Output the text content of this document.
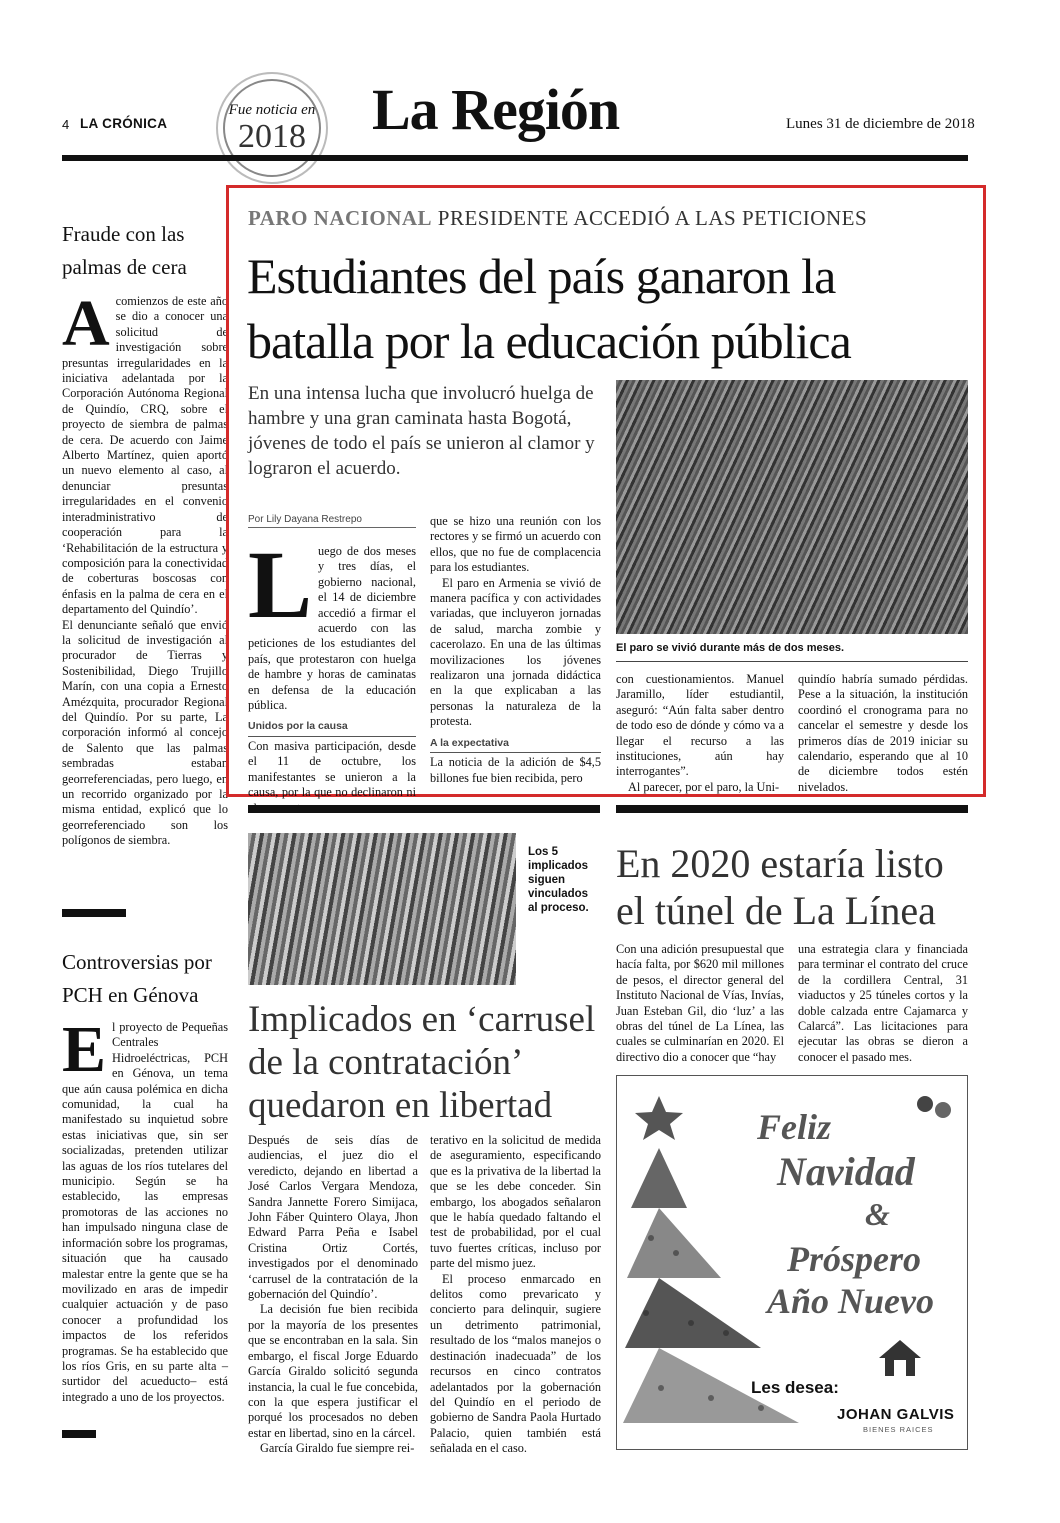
4 LA CRÓNICA
Fue noticia en
2018	La Región	Lunes 31 de diciembre de 2018
Fraude con las palmas de cera
A comienzos de este año se dio a conocer una solicitud de investigación sobre presuntas irregularidades en la iniciativa adelantada por la Corporación Autónoma Regional de Quindío, CRQ, sobre el proyecto de siembra de palmas de cera. De acuerdo con Jaime Alberto Martínez, quien aportó un nuevo elemento al caso, al denunciar presuntas irregularidades en el convenio interadministrativo de cooperación para la ‘Rehabilitación de la estructura y composición para la conectividad de coberturas boscosas con énfasis en la palma de cera en el departamento del Quindío’.

El denunciante señaló que envió la solicitud de investigación al procurador de Tierras y Sostenibilidad, Diego Trujillo Marín, con una copia a Ernesto Amézquita, procurador Regional del Quindío. Por su parte, La corporación informó al concejo de Salento que las palmas sembradas estaban georreferenciadas, pero luego, en un recorrido organizado por la misma entidad, explicó que lo georreferenciado son los polígonos de siembra.

Controversias por PCH en Génova
E l proyecto de Pequeñas Centrales Hidroeléctricas, PCH en Génova, un tema que aún causa polémica en dicha comunidad, la cual ha manifestado su inquietud sobre estas iniciativas que, sin ser socializadas, pretenden utilizar las aguas de los ríos tutelares del municipio. Según se ha establecido, las empresas promotoras de las acciones no han impulsado ninguna clase de información sobre los programas, situación que ha causado malestar entre la gente que se ha movilizado en aras de impedir cualquier actuación y de paso conocer a profundidad los impactos de los referidos programas. Se ha establecido que los ríos Gris, en su parte alta –surtidor del acueducto– está integrado a uno de los proyectos.

PARO NACIONAL PRESIDENTE ACCEDIÓ A LAS PETICIONES
Estudiantes del país ganaron la
batalla por la educación pública
En una intensa lucha que involucró huelga de hambre y una gran caminata hasta Bogotá, jóvenes de todo el país se unieron al clamor y lograron el acuerdo.
Por Lily Dayana Restrepo
L uego de dos meses y tres días, el gobierno nacional, el 14 de diciembre accedió a firmar el acuerdo con las peticiones de los estudiantes del país, que protestaron con huelga de hambre y horas de caminatas en defensa de la educación pública.

Unidos por la causa

Con masiva participación, desde el 11 de octubre, los manifestantes se unieron a la causa, por la que no declinaron ni

que se hizo una reunión con los rectores y se firmó un acuerdo con ellos, que no fue de complacencia para los estudiantes.

El paro en Armenia se vivió de manera pacífica y con actividades variadas, que incluyeron jornadas de salud, marcha zombie y cacerolazo. En una de las últimas movilizaciones los jóvenes realizaron una jornada didáctica en la que explicaban a las personas la naturaleza de la protesta.

A la expectativa

La noticia de la adición de $4,5 billones fue bien recibida, pero

El paro se vivió durante más de dos meses.

con cuestionamientos. Manuel Jaramillo, líder estudiantil, aseguró: “Aún falta saber dentro de todo eso de dónde y cómo va a llegar el recurso a las instituciones, aún hay interrogantes”.

Al parecer, por el paro, la Uni-

quindío habría sumado pérdidas. Pese a la situación, la institución coordinó el cronograma para no cancelar el semestre y desde los primeros días de 2019 iniciar su calendario, esperando que al 10 de diciembre todos estén nivelados.

Los 5 implicados siguen vinculados al proceso.
Implicados en ‘carrusel de la contratación’ quedaron en libertad

Después de seis días de audiencias, el juez dio el veredicto, dejando en libertad a José Carlos Vergara Mendoza, Sandra Jannette Forero Simijaca, John Fáber Quintero Olaya, Jhon Edward Parra Peña e Isabel Cristina Ortiz Cortés, investigados por el denominado ‘carrusel de la contratación de la gobernación del Quindío’.

La decisión fue bien recibida por la mayoría de los presentes que se encontraban en la sala. Sin embargo, el fiscal Jorge Eduardo García Giraldo solicitó segunda instancia, la cual le fue concebida, con la que espera justificar el porqué los procesados no deben estar en libertad, sino en la cárcel.

García Giraldo fue siempre rei-

terativo en la solicitud de medida de aseguramiento, especificando que es la privativa de la libertad la que se les debe conceder. Sin embargo, los abogados señalaron que le había quedado faltando el test de probabilidad, por el cual tuvo fuertes críticas, incluso por parte del mismo juez.

El proceso enmarcado en delitos como prevaricato y concierto para delinquir, sugiere un detrimento patrimonial, resultado de los “malos manejos o destinación inadecuada” de los recursos en cinco contratos adelantados por la gobernación del Quindío en el periodo de gobierno de Sandra Paola Hurtado Palacio, quien también está señalada en el caso.

En 2020 estaría listo el túnel de La Línea

Con una adición presupuestal que hacía falta, por $620 mil millones de pesos, el director general del Instituto Nacional de Vías, Invías, Juan Esteban Gil, dio ‘luz’ a las obras del túnel de La Línea, las cuales se culminarían en 2020. El directivo dio a conocer que “hay

una estrategia clara y financiada para terminar el contrato del cruce de la cordillera Central, 31 viaductos y 25 túneles cortos y la doble calzada entre Cajamarca y Calarcá”. Las licitaciones para ejecutar las obras se dieron a conocer el pasado mes.

Feliz
Navidad
&
Próspero
Año Nuevo
Les desea:
JOHAN GALVIS
BIENES RAICES
